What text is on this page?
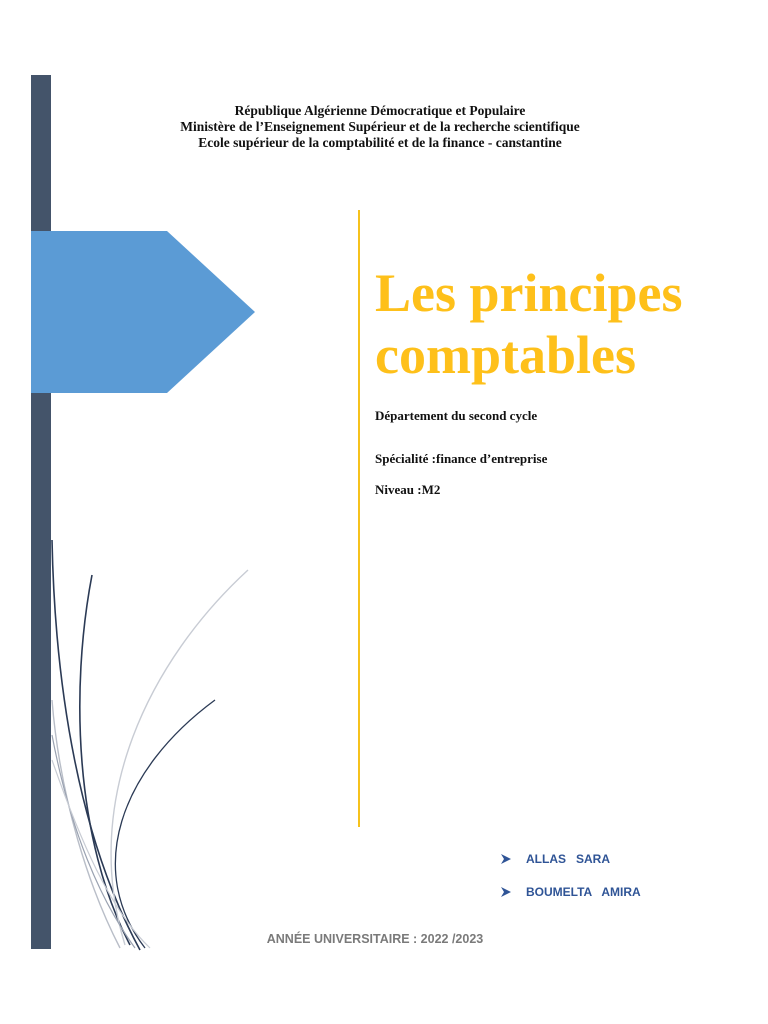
République Algérienne Démocratique et Populaire
Ministère de l’Enseignement Supérieur et de la recherche scientifique
Ecole supérieur de la comptabilité et de la finance - canstantine
Les principes
comptables
Département du second cycle
Spécialité :finance d’entreprise
Niveau :M2
ALLAS   SARA
BOUMELTA   AMIRA
ANNÉE UNIVERSITAIRE : 2022 /2023
